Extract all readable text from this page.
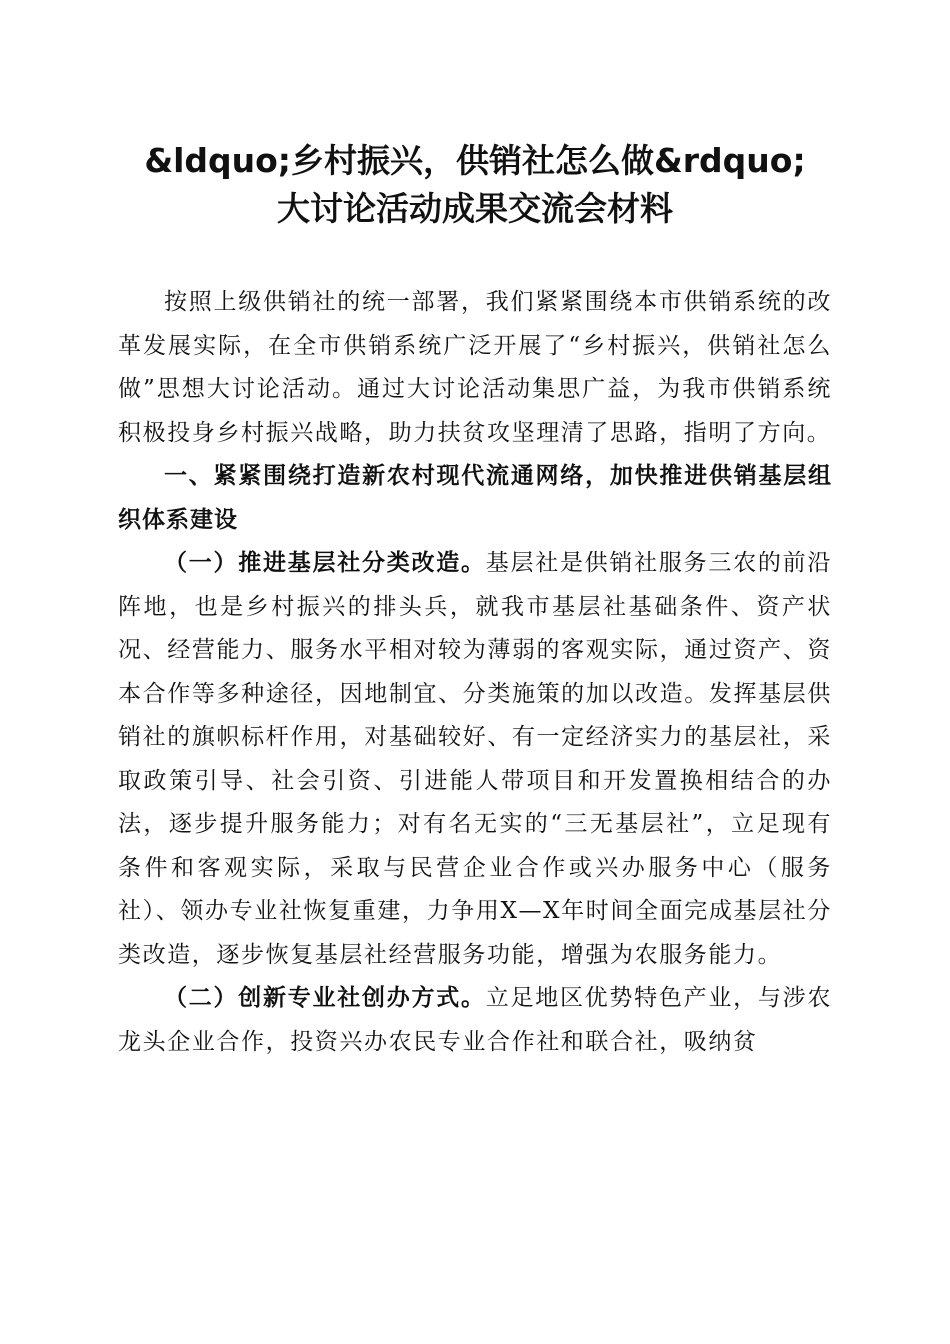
&ldquo;乡村振兴，供销社怎么做&rdquo;
大讨论活动成果交流会材料

按照上级供销社的统一部署，我们紧紧围绕本市供销系统的改革发展实际，在全市供销系统广泛开展了“乡村振兴，供销社怎么做”思想大讨论活动。通过大讨论活动集思广益，为我市供销系统积极投身乡村振兴战略，助力扶贫攻坚理清了思路，指明了方向。

一、紧紧围绕打造新农村现代流通网络，加快推进供销基层组织体系建设

（一）推进基层社分类改造。基层社是供销社服务三农的前沿阵地，也是乡村振兴的排头兵，就我市基层社基础条件、资产状况、经营能力、服务水平相对较为薄弱的客观实际，通过资产、资本合作等多种途径，因地制宜、分类施策的加以改造。发挥基层供销社的旗帜标杆作用，对基础较好、有一定经济实力的基层社，采取政策引导、社会引资、引进能人带项目和开发置换相结合的办法，逐步提升服务能力；对有名无实的“三无基层社”，立足现有条件和客观实际，采取与民营企业合作或兴办服务中心（服务社）、领办专业社恢复重建，力争用X—X年时间全面完成基层社分类改造，逐步恢复基层社经营服务功能，增强为农服务能力。

（二）创新专业社创办方式。立足地区优势特色产业，与涉农龙头企业合作，投资兴办农民专业合作社和联合社，吸纳贫
